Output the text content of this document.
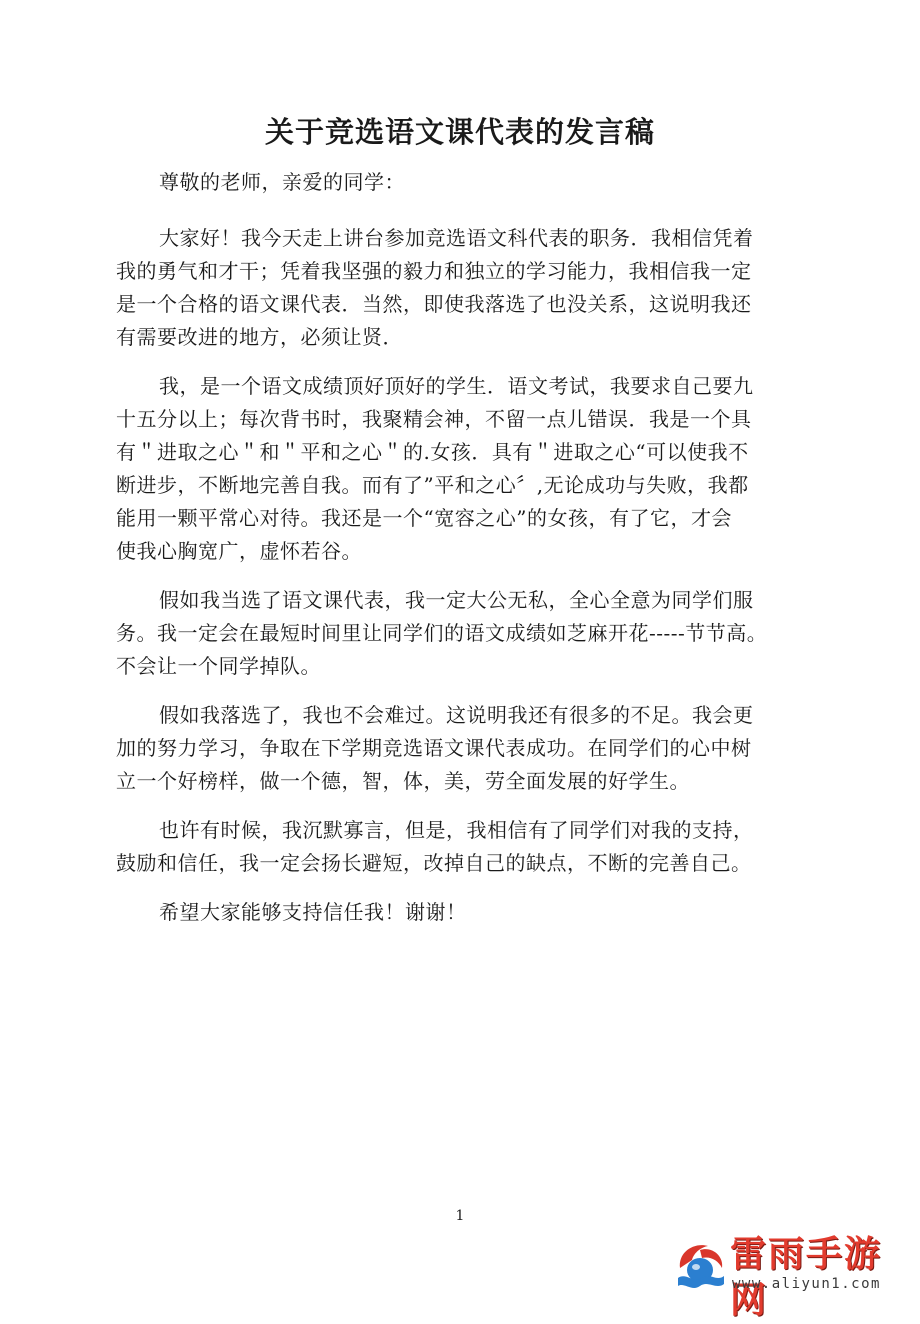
关于竞选语文课代表的发言稿
尊敬的老师，亲爱的同学：
大家好！我今天走上讲台参加竞选语文科代表的职务．我相信凭着
我的勇气和才干；凭着我坚强的毅力和独立的学习能力，我相信我一定
是一个合格的语文课代表．当然，即使我落选了也没关系，这说明我还
有需要改进的地方，必须让贤．
我，是一个语文成绩顶好顶好的学生．语文考试，我要求自己要九
十五分以上；每次背书时，我聚精会神，不留一点儿错误．我是一个具
有＂进取之心＂和＂平和之心＂的.女孩．具有＂进取之心“可以使我不
断进步，不断地完善自我。而有了”平和之心〞,无论成功与失败，我都
能用一颗平常心对待。我还是一个“宽容之心”的女孩，有了它，才会
使我心胸宽广，虚怀若谷。
假如我当选了语文课代表，我一定大公无私，全心全意为同学们服
务。我一定会在最短时间里让同学们的语文成绩如芝麻开花-----节节高。
不会让一个同学掉队。
假如我落选了，我也不会难过。这说明我还有很多的不足。我会更
加的努力学习，争取在下学期竞选语文课代表成功。在同学们的心中树
立一个好榜样，做一个德，智，体，美，劳全面发展的好学生。
也许有时候，我沉默寡言，但是，我相信有了同学们对我的支持，
鼓励和信任，我一定会扬长避短，改掉自己的缺点，不断的完善自己。
希望大家能够支持信任我！谢谢！
1
雷雨手游网
www.aliyun1.com
